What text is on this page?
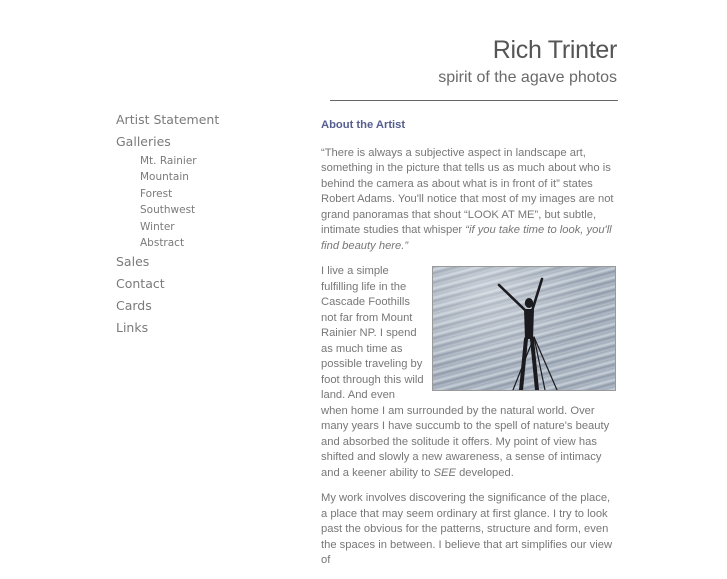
Rich Trinter
spirit of the agave photos
Artist Statement
Galleries
Mt. Rainier
Mountain
Forest
Southwest
Winter
Abstract
Sales
Contact
Cards
Links
About the Artist

“There is always a subjective aspect in landscape art, something in the picture that tells us as much about who is behind the camera as about what is in front of it” states Robert Adams. You'll notice that most of my images are not grand panoramas that shout “LOOK AT ME”, but subtle, intimate studies that whisper “if you take time to look, you'll find beauty here.”

I live a simple fulfilling life in the Cascade Foothills not far from Mount Rainier NP. I spend as much time as possible traveling by foot through this wild land. And even when home I am surrounded by the natural world. Over many years I have succumb to the spell of nature's beauty and absorbed the solitude it offers. My point of view has shifted and slowly a new awareness, a sense of intimacy and a keener ability to SEE developed.

My work involves discovering the significance of the place, a place that may seem ordinary at first glance. I try to look past the obvious for the patterns, structure and form, even the spaces in between. I believe that art simplifies our view of
